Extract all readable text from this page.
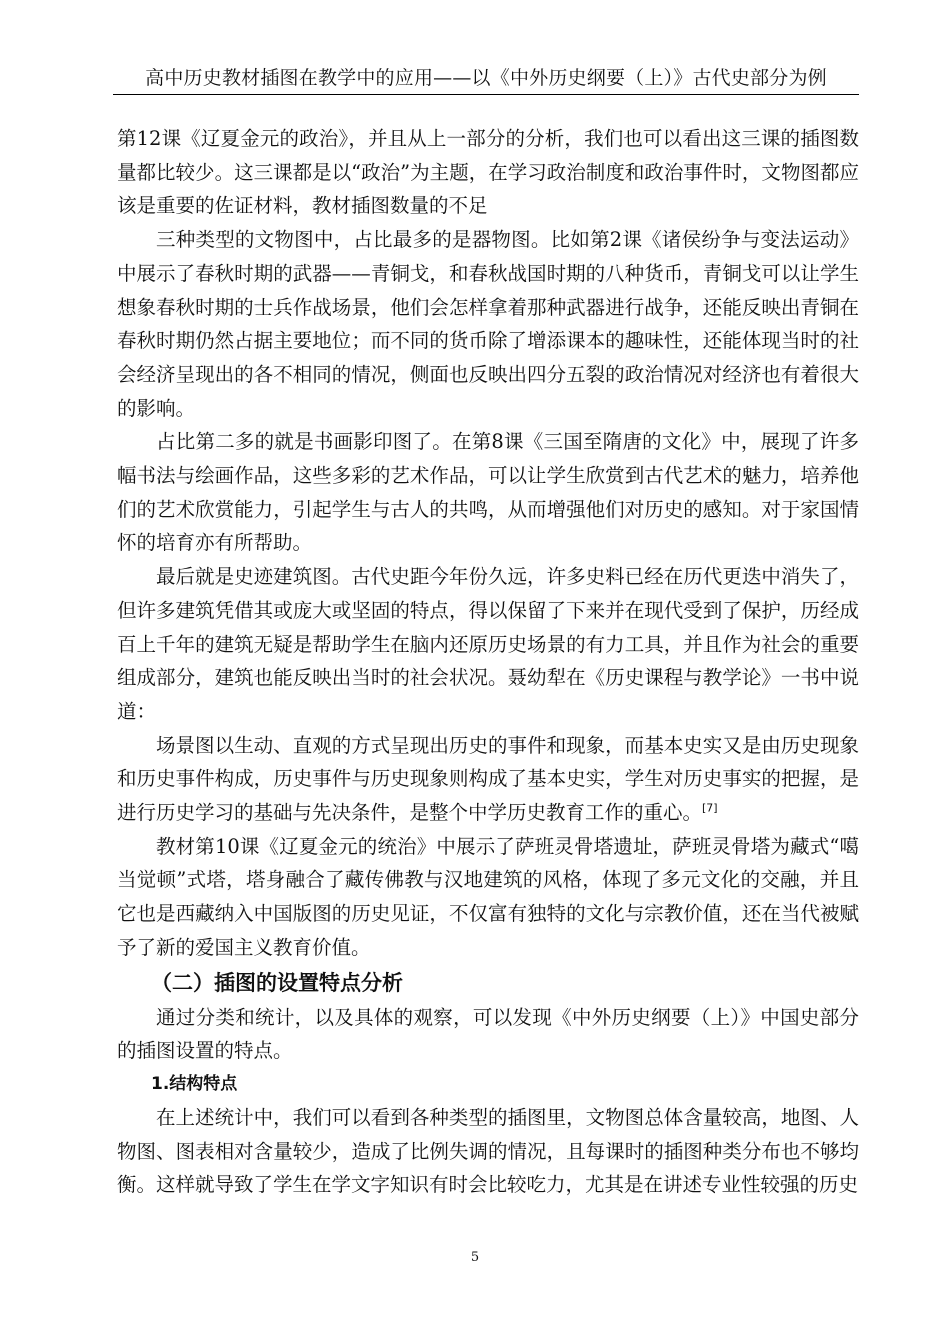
高中历史教材插图在教学中的应用——以《中外历史纲要（上）》古代史部分为例

第12课《辽夏金元的政治》，并且从上一部分的分析，我们也可以看出这三课的插图数量都比较少。这三课都是以“政治”为主题，在学习政治制度和政治事件时，文物图都应该是重要的佐证材料，教材插图数量的不足

三种类型的文物图中，占比最多的是器物图。比如第2课《诸侯纷争与变法运动》中展示了春秋时期的武器——青铜戈，和春秋战国时期的八种货币，青铜戈可以让学生想象春秋时期的士兵作战场景，他们会怎样拿着那种武器进行战争，还能反映出青铜在春秋时期仍然占据主要地位；而不同的货币除了增添课本的趣味性，还能体现当时的社会经济呈现出的各不相同的情况，侧面也反映出四分五裂的政治情况对经济也有着很大的影响。

占比第二多的就是书画影印图了。在第8课《三国至隋唐的文化》中，展现了许多幅书法与绘画作品，这些多彩的艺术作品，可以让学生欣赏到古代艺术的魅力，培养他们的艺术欣赏能力，引起学生与古人的共鸣，从而增强他们对历史的感知。对于家国情怀的培育亦有所帮助。

最后就是史迹建筑图。古代史距今年份久远，许多史料已经在历代更迭中消失了，但许多建筑凭借其或庞大或坚固的特点，得以保留了下来并在现代受到了保护，历经成百上千年的建筑无疑是帮助学生在脑内还原历史场景的有力工具，并且作为社会的重要组成部分，建筑也能反映出当时的社会状况。聂幼犁在《历史课程与教学论》一书中说道：

场景图以生动、直观的方式呈现出历史的事件和现象，而基本史实又是由历史现象和历史事件构成，历史事件与历史现象则构成了基本史实，学生对历史事实的把握，是进行历史学习的基础与先决条件，是整个中学历史教育工作的重心。[7]

教材第10课《辽夏金元的统治》中展示了萨班灵骨塔遗址，萨班灵骨塔为藏式“噶当觉顿”式塔，塔身融合了藏传佛教与汉地建筑的风格，体现了多元文化的交融，并且它也是西藏纳入中国版图的历史见证，不仅富有独特的文化与宗教价值，还在当代被赋予了新的爱国主义教育价值。

（二）插图的设置特点分析

通过分类和统计，以及具体的观察，可以发现《中外历史纲要（上）》中国史部分的插图设置的特点。

1.结构特点

在上述统计中，我们可以看到各种类型的插图里，文物图总体含量较高，地图、人物图、图表相对含量较少，造成了比例失调的情况，且每课时的插图种类分布也不够均衡。这样就导致了学生在学文字知识有时会比较吃力，尤其是在讲述专业性较强的历史

5
